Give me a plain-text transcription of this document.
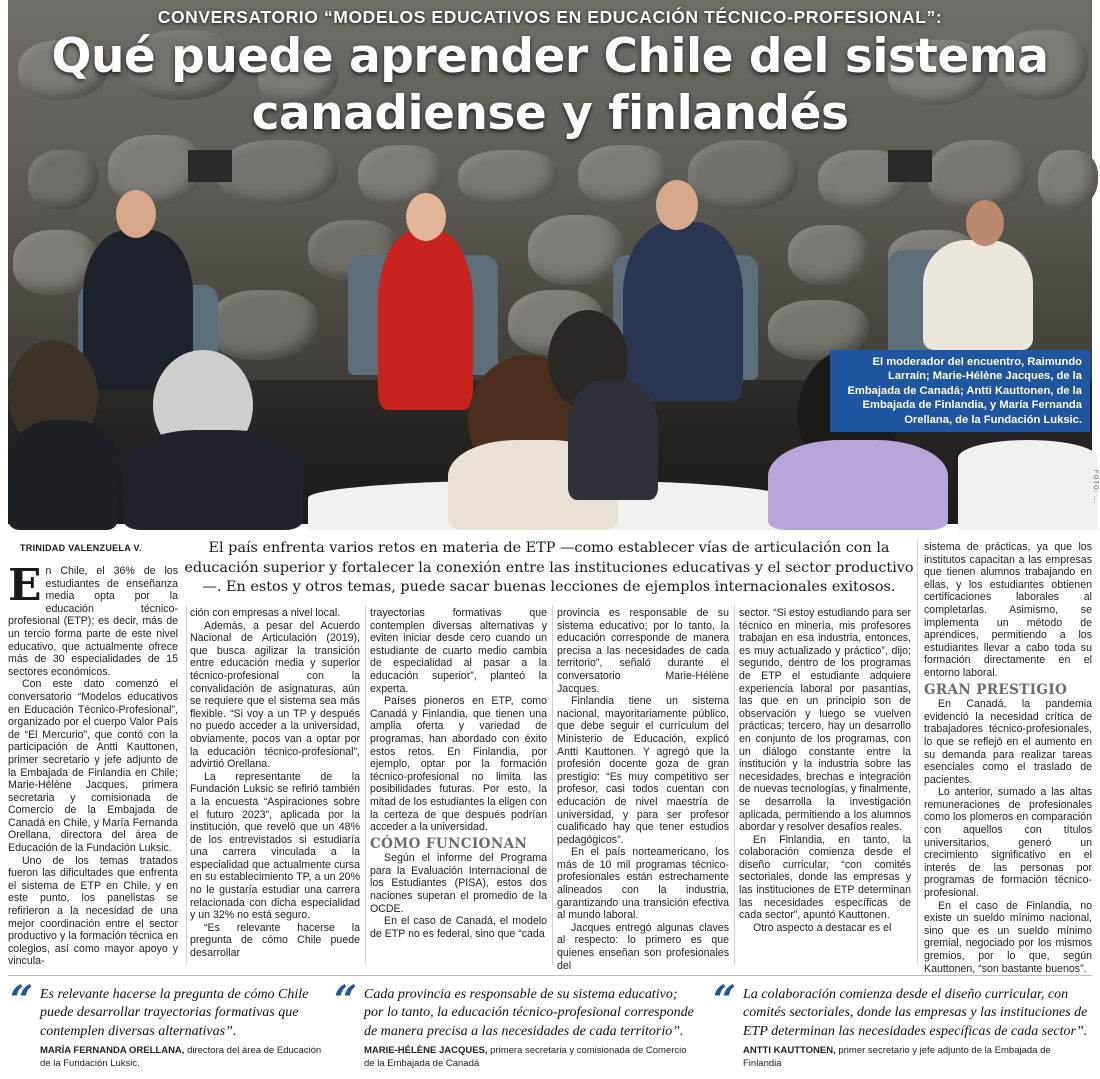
CONVERSATORIO “MODELOS EDUCATIVOS EN EDUCACIÓN TÉCNICO-PROFESIONAL”:
Qué puede aprender Chile del sistema
canadiense y finlandés
El moderador del encuentro, Raimundo Larraín; Marie-Hélène Jacques, de la Embajada de Canadá; Antti Kauttonen, de la Embajada de Finlandia, y María Fernanda Orellana, de la Fundación Luksic.
FOTO: ...
TRINIDAD VALENZUELA V.	El país enfrenta varios retos en materia de ETP —como establecer vías de articulación con la educación superior y fortalecer la conexión entre las instituciones educativas y el sector productivo—. En estos y otros temas, puede sacar buenas lecciones de ejemplos internacionales exitosos.

En Chile, el 36% de los estudiantes de enseñanza media opta por la educación técnico-profesional (ETP); es decir, más de un tercio forma parte de este nivel educativo, que actualmente ofrece más de 30 especialidades de 15 sectores económicos.

Con este dato comenzó el conversatorio “Modelos educativos en Educación Técnico-Profesional”, organizado por el cuerpo Valor País de “El Mercurio”, que contó con la participación de Antti Kauttonen, primer secretario y jefe adjunto de la Embajada de Finlandia en Chile; Marie-Hélène Jacques, primera secretaria y comisionada de Comercio de la Embajada de Canadá en Chile, y María Fernanda Orellana, directora del área de Educación de la Fundación Luksic.

Uno de los temas tratados fueron las dificultades que enfrenta el sistema de ETP en Chile, y en este punto, los panelistas se refirieron a la necesidad de una mejor coordinación entre el sector productivo y la formación técnica en colegios, así como mayor apoyo y vincula-

ción con empresas a nivel local.

Además, a pesar del Acuerdo Nacional de Articulación (2019), que busca agilizar la transición entre educación media y superior técnico-profesional con la convalidación de asignaturas, aún se requiere que el sistema sea más flexible. “Si voy a un TP y después no puedo acceder a la universidad, obviamente, pocos van a optar por la educación técnico-profesional”, advirtió Orellana.

La representante de la Fundación Luksic se refirió también a la encuesta “Aspiraciones sobre el futuro 2023”, aplicada por la institución, que reveló que un 48% de los entrevistados si estudiaría una carrera vinculada a la especialidad que actualmente cursa en su establecimiento TP, a un 20% no le gustaría estudiar una carrera relacionada con dicha especialidad y un 32% no está seguro.

“Es relevante hacerse la pregunta de cómo Chile puede desarrollar

trayectorias formativas que contemplen diversas alternativas y eviten iniciar desde cero cuando un estudiante de cuarto medio cambia de especialidad al pasar a la educación superior”, planteó la experta.

Países pioneros en ETP, como Canadá y Finlandia, que tienen una amplia oferta y variedad de programas, han abordado con éxito estos retos. En Finlandia, por ejemplo, optar por la formación técnico-profesional no limita las posibilidades futuras. Por esto, la mitad de los estudiantes la eligen con la certeza de que después podrían acceder a la universidad.

CÓMO FUNCIONAN

Según el informe del Programa para la Evaluación Internacional de los Estudiantes (PISA), estos dos naciones superan el promedio de la OCDE.

En el caso de Canadá, el modelo de ETP no es federal, sino que “cada

provincia es responsable de su sistema educativo; por lo tanto, la educación corresponde de manera precisa a las necesidades de cada territorio”, señaló durante el conversatorio Marie-Hélène Jacques.

Finlandia tiene un sistema nacional, mayoritariamente público, que debe seguir el currículum del Ministerio de Educación, explicó Antti Kauttonen. Y agregó que la profesión docente goza de gran prestigio: “Es muy competitivo ser profesor, casi todos cuentan con educación de nivel maestría de universidad, y para ser profesor cualificado hay que tener estudios pedagógicos”.

En el país norteamericano, los más de 10 mil programas técnico-profesionales están estrechamente alineados con la industria, garantizando una transición efectiva al mundo laboral.

Jacques entregó algunas claves al respecto: lo primero es que quienes enseñan son profesionales del

sector. “Si estoy estudiando para ser técnico en minería, mis profesores trabajan en esa industria, entonces, es muy actualizado y práctico”, dijo; segundo, dentro de los programas de ETP el estudiante adquiere experiencia laboral por pasantías, las que en un principio son de observación y luego se vuelven prácticas; tercero, hay un desarrollo en conjunto de los programas, con un diálogo constante entre la institución y la industria sobre las necesidades, brechas e integración de nuevas tecnologías, y finalmente, se desarrolla la investigación aplicada, permitiendo a los alumnos abordar y resolver desafíos reales.

En Finlandia, en tanto, la colaboración comienza desde el diseño curricular, “con comités sectoriales, donde las empresas y las instituciones de ETP determinan las necesidades específicas de cada sector”, apuntó Kauttonen.

Otro aspecto a destacar es el

sistema de prácticas, ya que los institutos capacitan a las empresas que tienen alumnos trabajando en ellas, y los estudiantes obtienen certificaciones laborales al completarlas. Asimismo, se implementa un método de aprendices, permitiendo a los estudiantes llevar a cabo toda su formación directamente en el entorno laboral.

GRAN PRESTIGIO

En Canadá, la pandemia evidenció la necesidad crítica de trabajadores técnico-profesionales, lo que se reflejó en el aumento en su demanda para realizar tareas esenciales como el traslado de pacientes.

Lo anterior, sumado a las altas remuneraciones de profesionales como los plomeros en comparación con aquellos con títulos universitarios, generó un crecimiento significativo en el interés de las personas por programas de formación técnico-profesional.

En el caso de Finlandia, no existe un sueldo mínimo nacional, sino que es un sueldo mínimo gremial, negociado por los mismos gremios, por lo que, según Kauttonen, “son bastante buenos”.

“ Es relevante hacerse la pregunta de cómo Chile puede desarrollar trayectorias formativas que contemplen diversas alternativas”.
MARÍA FERNANDA ORELLANA, directora del área de Educación de la Fundación Luksic.
“ Cada provincia es responsable de su sistema educativo; por lo tanto, la educación técnico-profesional corresponde de manera precisa a las necesidades de cada territorio”.
MARIE-HÉLÈNE JACQUES, primera secretaria y comisionada de Comercio de la Embajada de Canadá
“ La colaboración comienza desde el diseño curricular, con comités sectoriales, donde las empresas y las instituciones de ETP determinan las necesidades específicas de cada sector”.
ANTTI KAUTTONEN, primer secretario y jefe adjunto de la Embajada de Finlandia
